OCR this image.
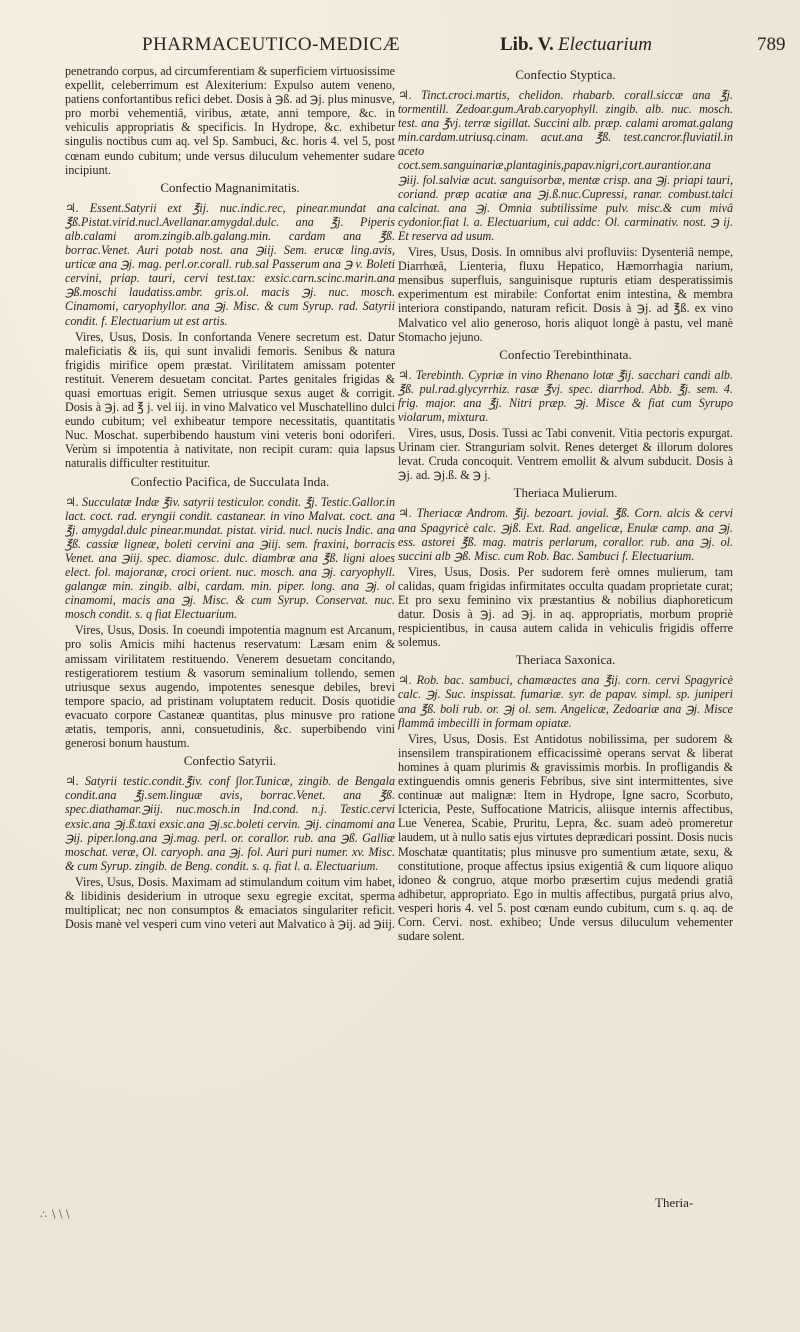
PHARMACEUTICO-MEDICÆ	Lib. V. Electuarium	789

penetrando corpus, ad circumferentiam & superficiem virtuosissime expellit, celeberrimum est Alexiterium: Expulso autem veneno, patiens confortantibus refici debet. Dosis à ℈ß. ad ℈j. plus minusve, pro morbi vehementiâ, viribus, ætate, anni tempore, &c. in vehiculis appropriatis & specificis. In Hydrope, &c. exhibetur singulis noctibus cum aq. vel Sp. Sambuci, &c. horis 4. vel 5, post cœnam eundo cubitum; unde versus diluculum vehementer sudare incipiunt.

Confectio Magnanimitatis.

♃. Essent.Satyrii ext ℥ij. nuc.indic.rec, pinear.mundat ana ℥ß.Pistat.virid.nucl.Avellanar.amygdal.dulc. ana ℥j. Piperis alb.calami arom.zingib.alb.galang.min. cardam ana ℥ß. borrac.Venet. Auri potab nost. ana ℈iij. Sem. erucæ ling.avis, urticæ ana ℈j. mag. perl.or.corall. rub.sal Passerum ana ℈ v. Boleti cervini, priap. tauri, cervi test.tax: exsic.carn.scinc.marin.ana ℈ß.moschi laudatiss.ambr. gris.ol. macis ℈j. nuc. mosch. Cinamomi, caryophyllor. ana ℈j. Misc. & cum Syrup. rad. Satyrii condit. f. Electuarium ut est artis.

Vires, Usus, Dosis. In confortanda Venere secretum est. Datur maleficiatis & iis, qui sunt invalidi femoris. Senibus & natura frigidis mirifice opem præstat. Virilitatem amissam potenter restituit. Venerem desuetam concitat. Partes genitales frigidas & quasi emortuas erigit. Semen utriusque sexus auget & corrigit. Dosis à ℈j. ad ℥ j. vel iij. in vino Malvatico vel Muschatellino dulci eundo cubitum; vel exhibeatur tempore necessitatis, quantitatis Nuc. Moschat. superbibendo haustum vini veteris boni odoriferi. Verùm si impotentia à nativitate, non recipit curam: quia lapsus naturalis difficulter restituitur.

Confectio Pacifica, de Succulata Inda.

♃. Succulatæ Indæ ℥iv. satyrii testiculor. condit. ℥j. Testic.Gallor.in lact. coct. rad. eryngii condit. castanear. in vino Malvat. coct. ana ℥j. amygdal.dulc pinear.mundat. pistat. virid. nucl. nucis Indic. ana ℥ß. cassiæ ligneæ, boleti cervini ana ℈iij. sem. fraxini, borracis Venet. ana ℈iij. spec. diamosc. dulc. diambræ ana ℥ß. ligni aloes elect. fol. majoranæ, croci orient. nuc. mosch. ana ℈j. caryophyll. galangæ min. zingib. albi, cardam. min. piper. long. ana ℈j. ol cinamomi, macis ana ℈j. Misc. & cum Syrup. Conservat. nuc. mosch condit. s. q fiat Electuarium.

Vires, Usus, Dosis. In coeundi impotentia magnum est Arcanum, pro solis Amicis mihi hactenus reservatum: Læsam enim & amissam virilitatem restituendo. Venerem desuetam concitando, restigeratiorem testium & vasorum seminalium tollendo, semen utriusque sexus augendo, impotentes senesque debiles, brevi tempore spacio, ad pristinam voluptatem reducit. Dosis quotidie evacuato corpore Castaneæ quantitas, plus minusve pro ratione ætatis, temporis, anni, consuetudinis, &c. superbibendo vini generosi bonum haustum.

Confectio Satyrii.

♃. Satyrii testic.condit.℥iv. conf ∫lor.Tunicæ, zingib. de Bengala condit.ana ℥j.sem.linguæ avis, borrac.Venet. ana ℥ß. spec.diathamar.℈iij. nuc.mosch.in Ind.cond. n.j. Testic.cervi exsic.ana ℈j.ß.taxi exsic.ana ℈j.sc.boleti cervin. ℈ij. cinamomi ana ℈ij. piper.long.ana ℈j.mag. perl. or. corallor. rub. ana ℈ß. Galliæ moschat. veræ, Ol. caryoph. ana ℈j. fol. Auri puri numer. xv. Misc. & cum Syrup. zingib. de Beng. condit. s. q. fiat l. a. Electuarium.

Vires, Usus, Dosis. Maximam ad stimulandum coitum vim habet, & libidinis desiderium in utroque sexu egregie excitat, sperma multiplicat; nec non consumptos & emaciatos singulariter reficit. Dosis manè vel vesperi cum vino veteri aut Malvatico à ℈ij. ad ℈iij.

Confectio Styptica.

♃. Tinct.croci.martis, chelidon. rhabarb. corall.siccæ ana ℥j. tormentill. Zedoar.gum.Arab.caryophyll. zingib. alb. nuc. mosch. test. ana ℥vj. terræ sigillat. Succini alb. præp. calami aromat.galang min.cardam.utriusq.cinam. acut.ana ℥ß. test.cancror.fluviatil.in aceto coct.sem.sanguinariæ,plantaginis,papav.nigri,cort.aurantior.ana ℈iij. fol.salviæ acut. sanguisorbæ, mentæ crisp. ana ℈j. priapi tauri, coriand. præp acatiæ ana ℈j.ß.nuc.Cupressi, ranar. combust.talci calcinat. ana ℈j. Omnia subtilissime pulv. misc.& cum mivâ cydonior.fiat l. a. Electuarium, cui addc: Ol. carminativ. nost. ℈ ij. Et reserva ad usum.

Vires, Usus, Dosis. In omnibus alvi profluviis: Dysenteriâ nempe, Diarrhœâ, Lienteria, fluxu Hepatico, Hæmorrhagia narium, mensibus superfluis, sanguinisque rupturis etiam desperatissimis experimentum est mirabile: Confortat enim intestina, & membra interiora constipando, naturam reficit. Dosis à ℈j. ad ℥ß. ex vino Malvatico vel alio generoso, horis aliquot longè à pastu, vel manè Stomacho jejuno.

Confectio Terebinthinata.

♃. Terebinth. Cypriæ in vino Rhenano lotæ ℥ij. sacchari candi alb. ℥ß. pul.rad.glycyrrhiz. rasæ ℥vj. spec. diarrhod. Abb. ℥j. sem. 4. frig. major. ana ℥j. Nitri præp. ℈j. Misce & fiat cum Syrupo violarum, mixtura.

Vires, usus, Dosis. Tussi ac Tabi convenit. Vitia pectoris expurgat. Urinam cier. Stranguriam solvit. Renes deterget & illorum dolores levat. Cruda concoquit. Ventrem emollit & alvum subducit. Dosis à ℈j. ad. ℈j.ß. & ℈ j.

Theriaca Mulierum.

♃. Theriacæ Androm. ℥ij. bezoart. jovial. ℥ß. Corn. alcis & cervi ana Spagyricè calc. ℈jß. Ext. Rad. angelicæ, Enulæ camp. ana ℈j. ess. astorei ℥ß. mag. matris perlarum, corallor. rub. ana ℈j. ol. succini alb ℈ß. Misc. cum Rob. Bac. Sambuci f. Electuarium.

Vires, Usus, Dosis. Per sudorem ferè omnes mulierum, tam calidas, quam frigidas infirmitates occulta quadam proprietate curat; Et pro sexu feminino vix præstantius & nobilius diaphoreticum datur. Dosis à ℈j. ad ℈j. in aq. appropriatis, morbum propriè respicientibus, in causa autem calida in vehiculis frigidis offerre solemus.

Theriaca Saxonica.

♃. Rob. bac. sambuci, chamæactes ana ℥ij. corn. cervi Spagyricè calc. ℈j. Suc. inspissat. fumariæ. syr. de papav. simpl. sp. juniperi ana ℥ß. boli rub. or. ℈j ol. sem. Angelicæ, Zedoariæ ana ℈j. Misce flammâ imbecilli in formam opiatæ.

Vires, Usus, Dosis. Est Antidotus nobilissima, per sudorem & insensilem transpirationem efficacissimè operans servat & liberat homines à quam plurimis & gravissimis morbis. In profligandis & extinguendis omnis generis Febribus, sive sint intermittentes, sive continuæ aut malignæ: Item in Hydrope, Igne sacro, Scorbuto, Ictericia, Peste, Suffocatione Matricis, aliisque internis affectibus, Lue Venerea, Scabie, Pruritu, Lepra, &c. suam adeò promeretur laudem, ut à nullo satis ejus virtutes deprædicari possint. Dosis nucis Moschatæ quantitatis; plus minusve pro sumentium ætate, sexu, & constitutione, proque affectus ipsius exigentiâ & cum liquore aliquo idoneo & congruo, atque morbo præsertim cujus medendi gratiâ adhibetur, appropriato. Ego in multis affectibus, purgatâ prius alvo, vesperi horis 4. vel 5. post cœnam eundo cubitum, cum s. q. aq. de Corn. Cervi. nost. exhibeo; Unde versus diluculum vehementer sudare solent.

Theria-
∴ ∖∖∖
